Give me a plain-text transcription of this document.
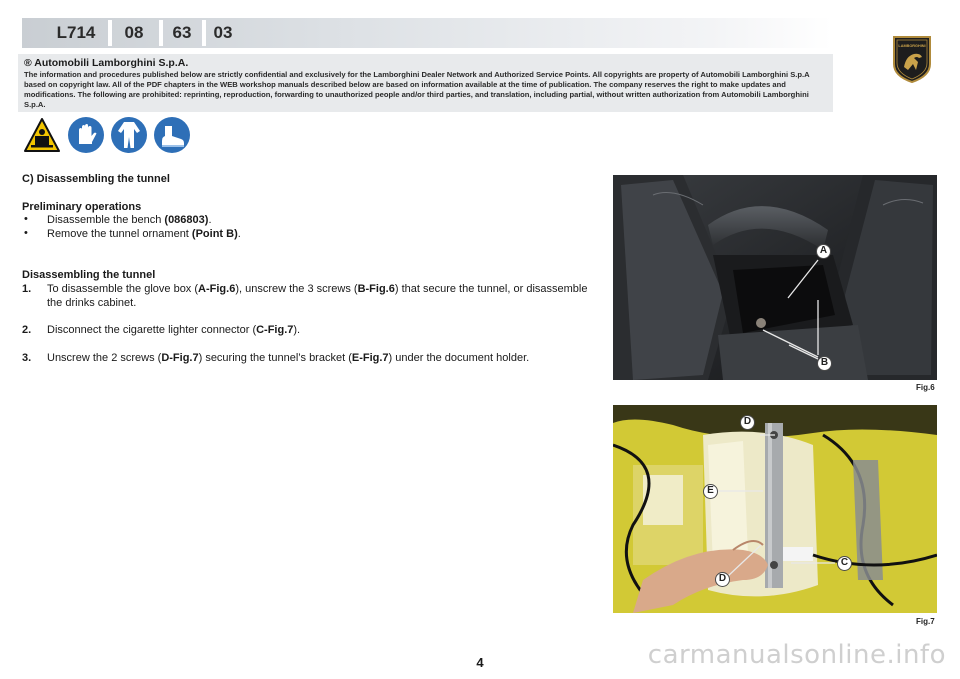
L714	08	63	03
® Automobili Lamborghini S.p.A.
The information and procedures published below are strictly confidential and exclusively for the Lamborghini Dealer Network and Authorized Service Points. All copyrights are property of Automobili Lamborghini S.p.A based on copyright law. All of the PDF chapters in the WEB workshop manuals described below are based on information available at the time of publication. The company reserves the right to make updates and modifications. The following are prohibited: reprinting, reproduction, forwarding to unauthorized people and/or third parties, and translation, including partial, without written authorization from Automobili Lamborghini S.p.A.
LAMBORGHINI
C) Disassembling the tunnel
Preliminary operations
• Disassemble the bench (086803).
• Remove the tunnel ornament (Point B).
Disassembling the tunnel
1. To disassemble the glove box (A-Fig.6), unscrew the 3 screws (B-Fig.6) that secure the tunnel, or disassemble the drinks cabinet.
2. Disconnect the cigarette lighter connector (C-Fig.7).
3. Unscrew the 2 screws (D-Fig.7) securing the tunnel’s bracket (E-Fig.7) under the document holder.
A
B
Fig.6
D
E
C
D
Fig.7
4	carmanualsonline.info
